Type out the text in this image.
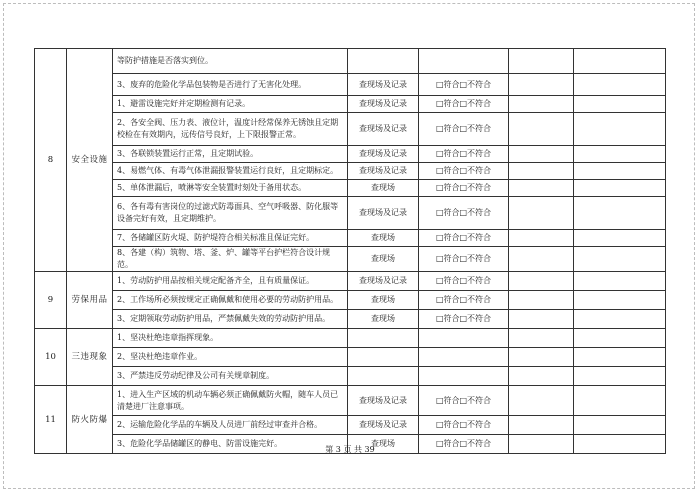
8	安全设施	等防护措施是否落实到位。				
		3、废弃的危险化学品包装物是否进行了无害化处理。	查现场及记录	□符合□不符合		
		1、避雷设施完好并定期检测有记录。	查现场及记录	□符合□不符合		
		2、各安全阀、压力表、液位计，温度计经常保养无锈蚀且定期校检在有效期内，远传信号良好，上下限报警正常。	查现场及记录	□符合□不符合		
		3、各联锁装置运行正常，且定期试验。	查现场及记录	□符合□不符合		
		4、易燃气体、有毒气体泄漏报警装置运行良好，且定期标定。	查现场及记录	□符合□不符合		
		5、单体泄漏后，喷淋等安全装置时刻处于备用状态。	查现场	□符合□不符合		
		6、各有毒有害岗位的过滤式防毒面具、空气呼吸器、防化服等设备完好有效，且定期维护。	查现场及记录	□符合□不符合		
		7、各储罐区防火堤、防护堤符合相关标准且保证完好。	查现场	□符合□不符合		
		8、各建（构）筑物、塔、釜、炉、罐等平台护栏符合设计规范。	查现场	□符合□不符合		
9	劳保用品	1、劳动防护用品按相关规定配备齐全，且有质量保证。	查现场及记录	□符合□不符合		
		2、工作场所必须按规定正确佩戴和使用必要的劳动防护用品。	查现场	□符合□不符合		
		3、定期领取劳动防护用品，严禁佩戴失效的劳动防护用品。	查现场	□符合□不符合		
10	三违现象	1、坚决杜绝违章指挥现象。				
		2、坚决杜绝违章作业。				
		3、严禁违反劳动纪律及公司有关规章制度。				
11	防火防爆	1、进入生产区域的机动车辆必须正确佩戴防火帽，随车人员已清楚进厂注意事项。	查现场及记录	□符合□不符合		
		2、运输危险化学品的车辆及人员进厂前经过审查并合格。	查现场及记录	□符合□不符合		
		3、危险化学品储罐区的静电、防雷设施完好。	查现场	□符合□不符合		
第 3 页 共 39
